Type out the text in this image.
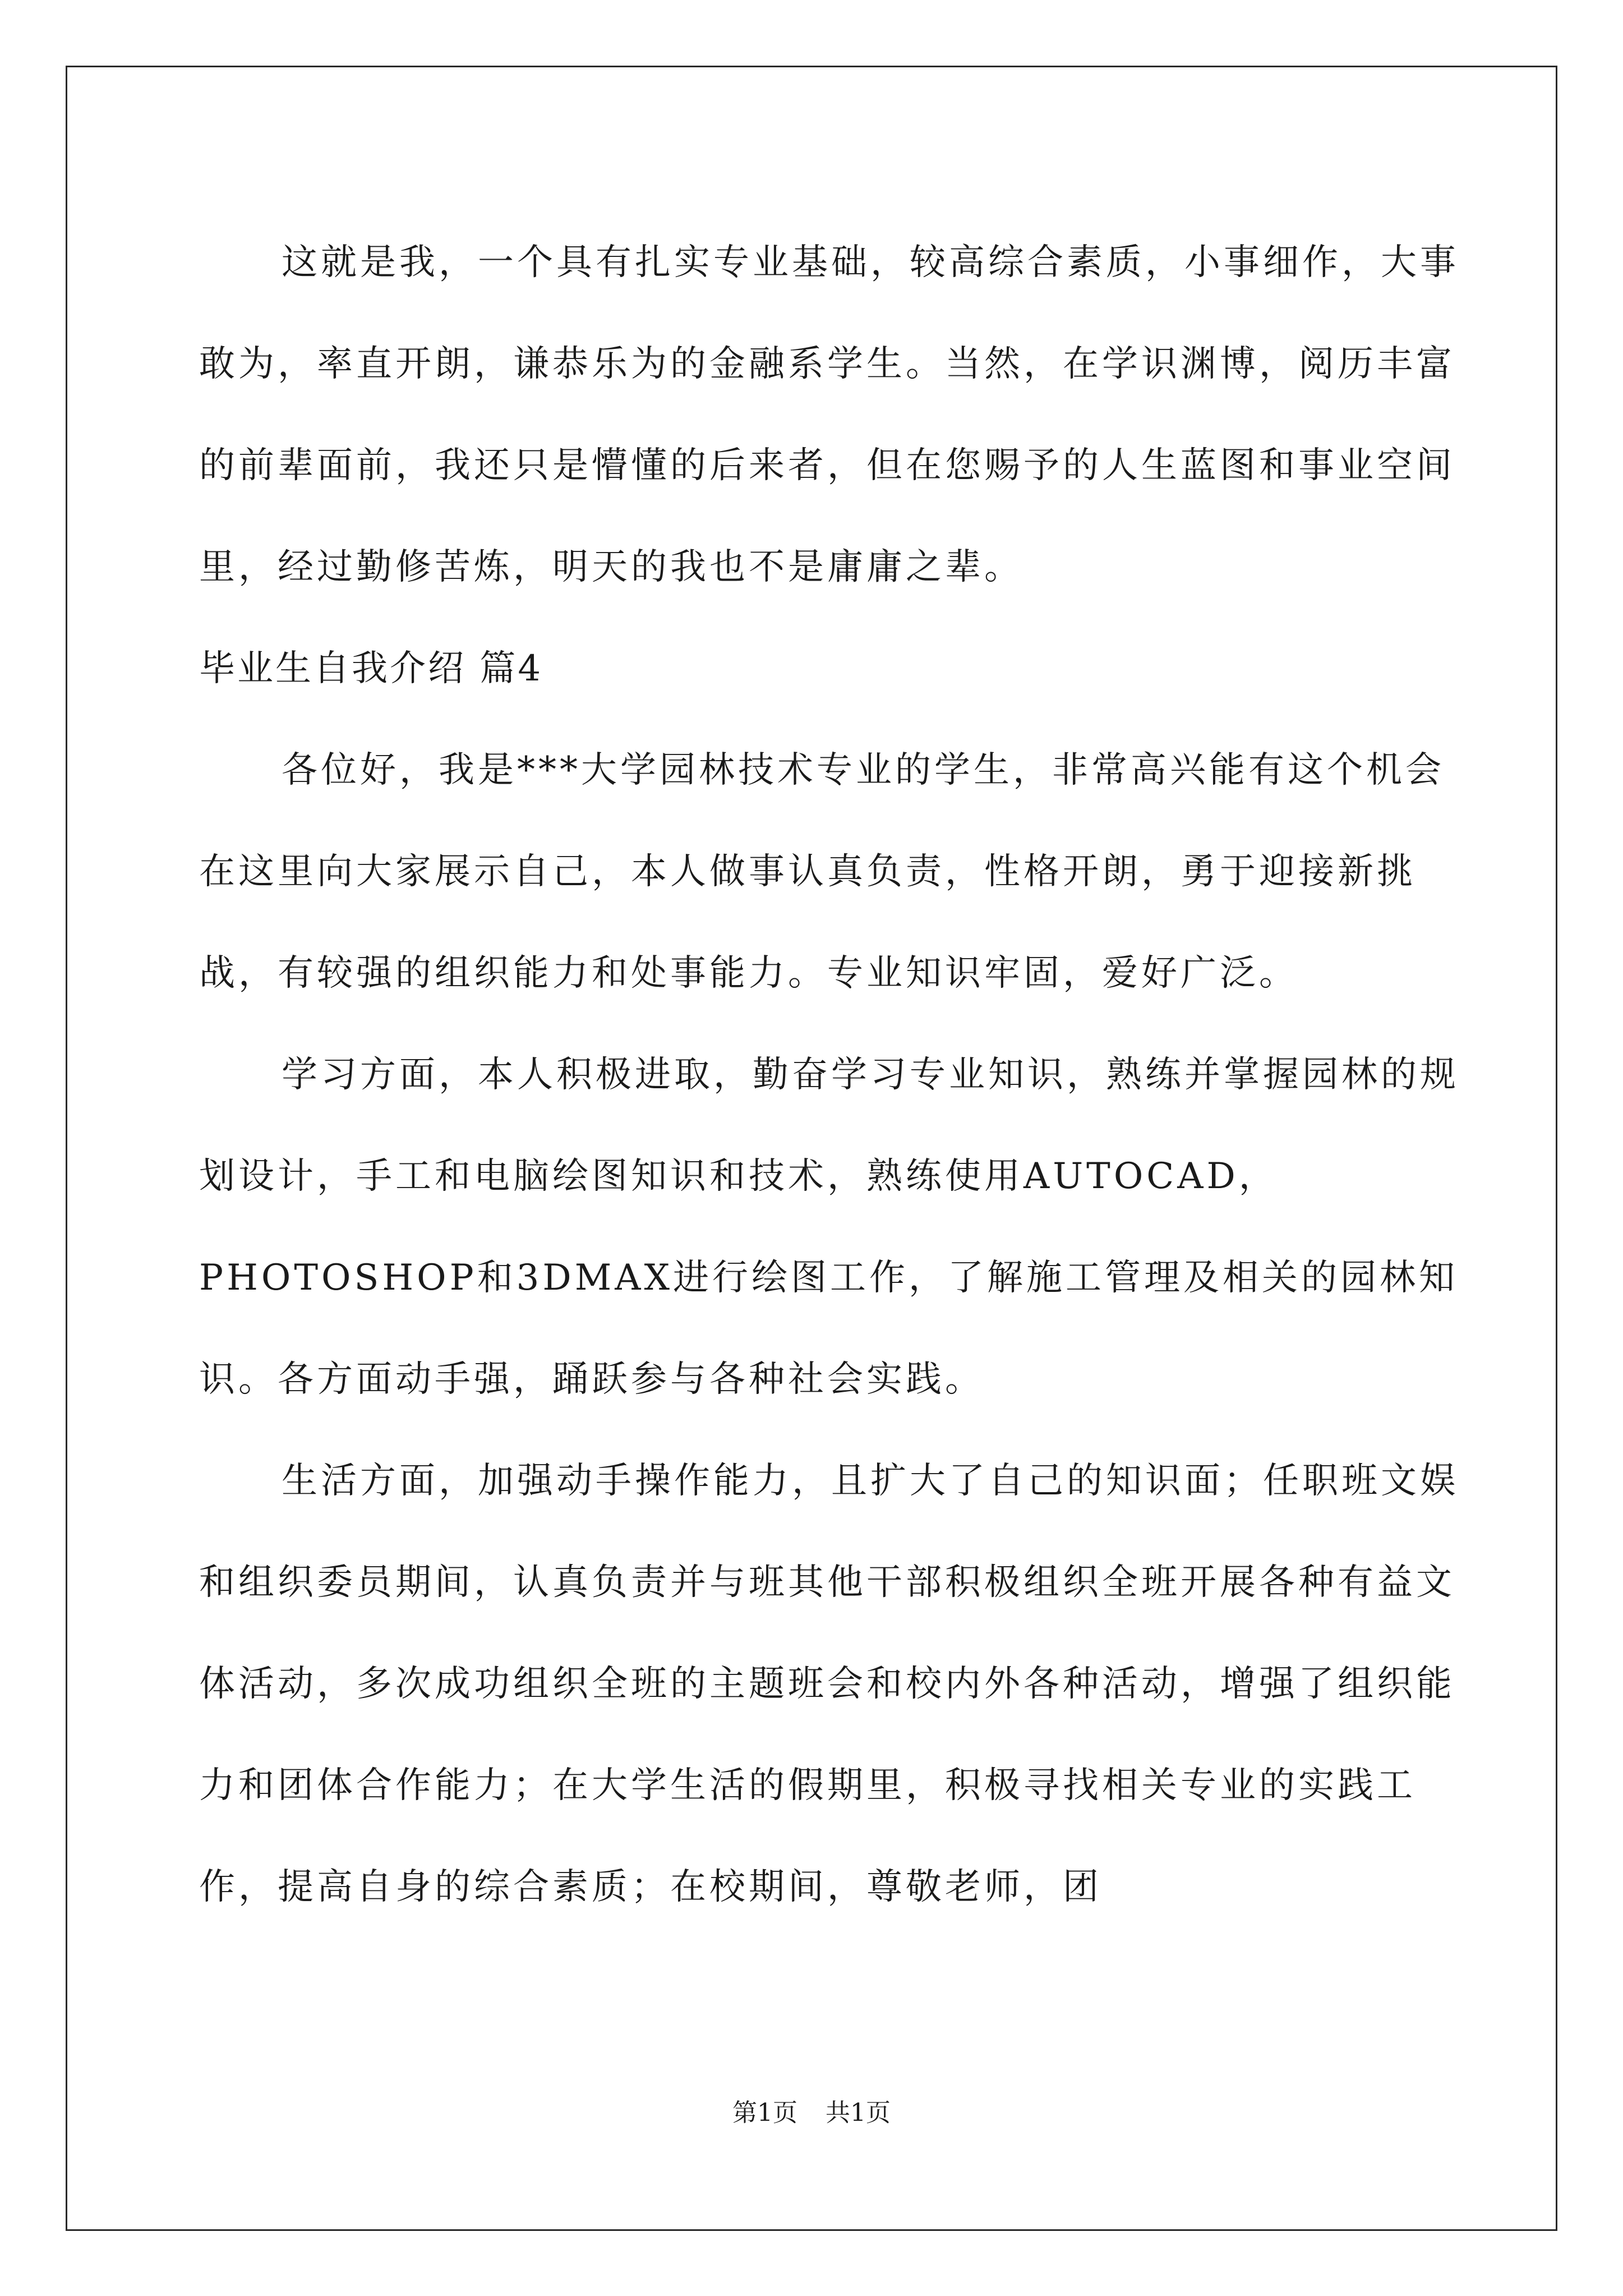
这就是我，一个具有扎实专业基础，较高综合素质，小事细作，大事敢为，率直开朗，谦恭乐为的金融系学生。当然，在学识渊博，阅历丰富的前辈面前，我还只是懵懂的后来者，但在您赐予的人生蓝图和事业空间里，经过勤修苦炼，明天的我也不是庸庸之辈。

毕业生自我介绍 篇4

各位好，我是***大学园林技术专业的学生，非常高兴能有这个机会在这里向大家展示自己，本人做事认真负责，性格开朗，勇于迎接新挑战，有较强的组织能力和处事能力。专业知识牢固，爱好广泛。

学习方面，本人积极进取，勤奋学习专业知识，熟练并掌握园林的规划设计，手工和电脑绘图知识和技术，熟练使用AUTOCAD，PHOTOSHOP和3DMAX进行绘图工作，了解施工管理及相关的园林知识。各方面动手强，踊跃参与各种社会实践。

生活方面，加强动手操作能力，且扩大了自己的知识面；任职班文娱和组织委员期间，认真负责并与班其他干部积极组织全班开展各种有益文体活动，多次成功组织全班的主题班会和校内外各种活动，增强了组织能力和团体合作能力；在大学生活的假期里，积极寻找相关专业的实践工作，提高自身的综合素质；在校期间，尊敬老师，团

第1页 共1页
